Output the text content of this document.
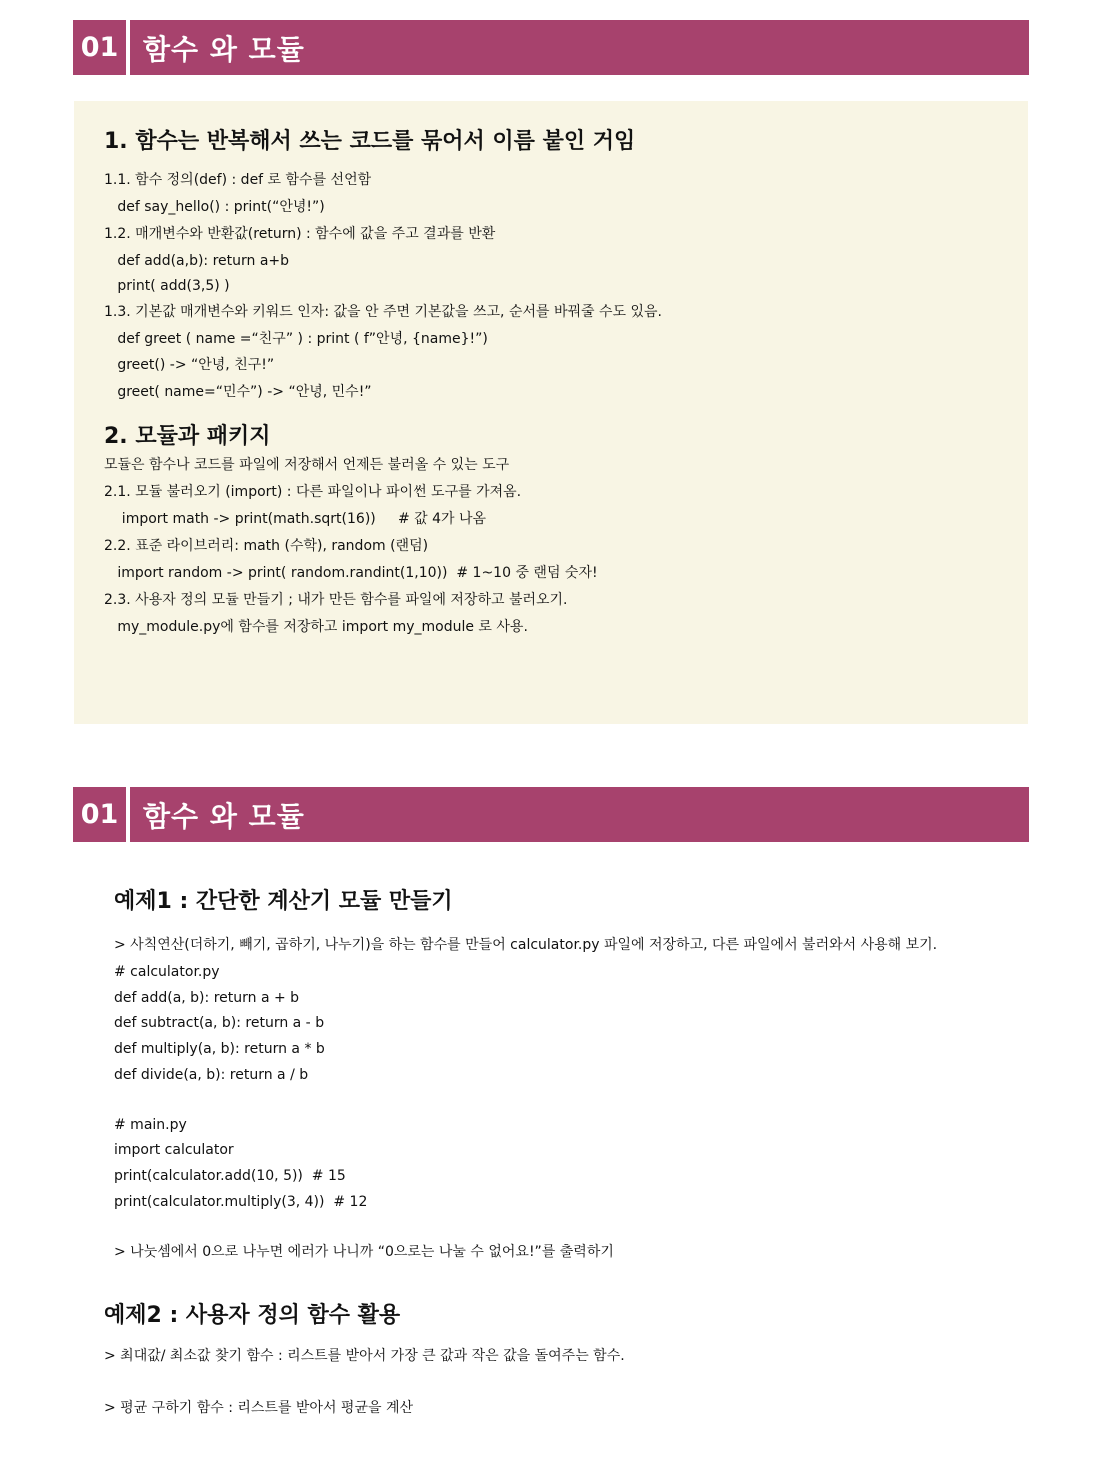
01 함수 와 모듈
1. 함수는 반복해서 쓰는 코드를 묶어서 이름 붙인 거임
1.1. 함수 정의(def) : def 로 함수를 선언함
def say_hello() : print(“안녕!”)
1.2. 매개변수와 반환값(return) : 함수에 값을 주고 결과를 반환
def add(a,b): return a+b
print( add(3,5) )
1.3. 기본값 매개변수와 키워드 인자: 값을 안 주면 기본값을 쓰고, 순서를 바꿔줄 수도 있음.
def greet ( name =“친구” ) : print ( f”안녕, {name}!”)
greet() -> “안녕, 친구!”
greet( name=“민수”) -> “안녕, 민수!”
2. 모듈과 패키지
모듈은 함수나 코드를 파일에 저장해서 언제든 불러올 수 있는 도구
2.1. 모듈 불러오기 (import) : 다른 파일이나 파이썬 도구를 가져옴.
import math -> print(math.sqrt(16))     # 값 4가 나옴
2.2. 표준 라이브러리: math (수학), random (랜덤)
import random -> print( random.randint(1,10))  # 1~10 중 랜덤 숫자!
2.3. 사용자 정의 모듈 만들기 ; 내가 만든 함수를 파일에 저장하고 불러오기.
my_module.py에 함수를 저장하고 import my_module 로 사용.
01 함수 와 모듈
예제1 : 간단한 계산기 모듈 만들기
> 사칙연산(더하기, 빼기, 곱하기, 나누기)을 하는 함수를 만들어 calculator.py 파일에 저장하고, 다른 파일에서 불러와서 사용해 보기.
# calculator.py
def add(a, b): return a + b
def subtract(a, b): return a - b
def multiply(a, b): return a * b
def divide(a, b): return a / b
# main.py
import calculator
print(calculator.add(10, 5))  # 15
print(calculator.multiply(3, 4))  # 12
> 나눗셈에서 0으로 나누면 에러가 나니까 “0으로는 나눌 수 없어요!”를 출력하기
예제2 : 사용자 정의 함수 활용
> 최대값/ 최소값 찾기 함수 : 리스트를 받아서 가장 큰 값과 작은 값을 돌여주는 함수.
> 평균 구하기 함수 : 리스트를 받아서 평균을 계산
